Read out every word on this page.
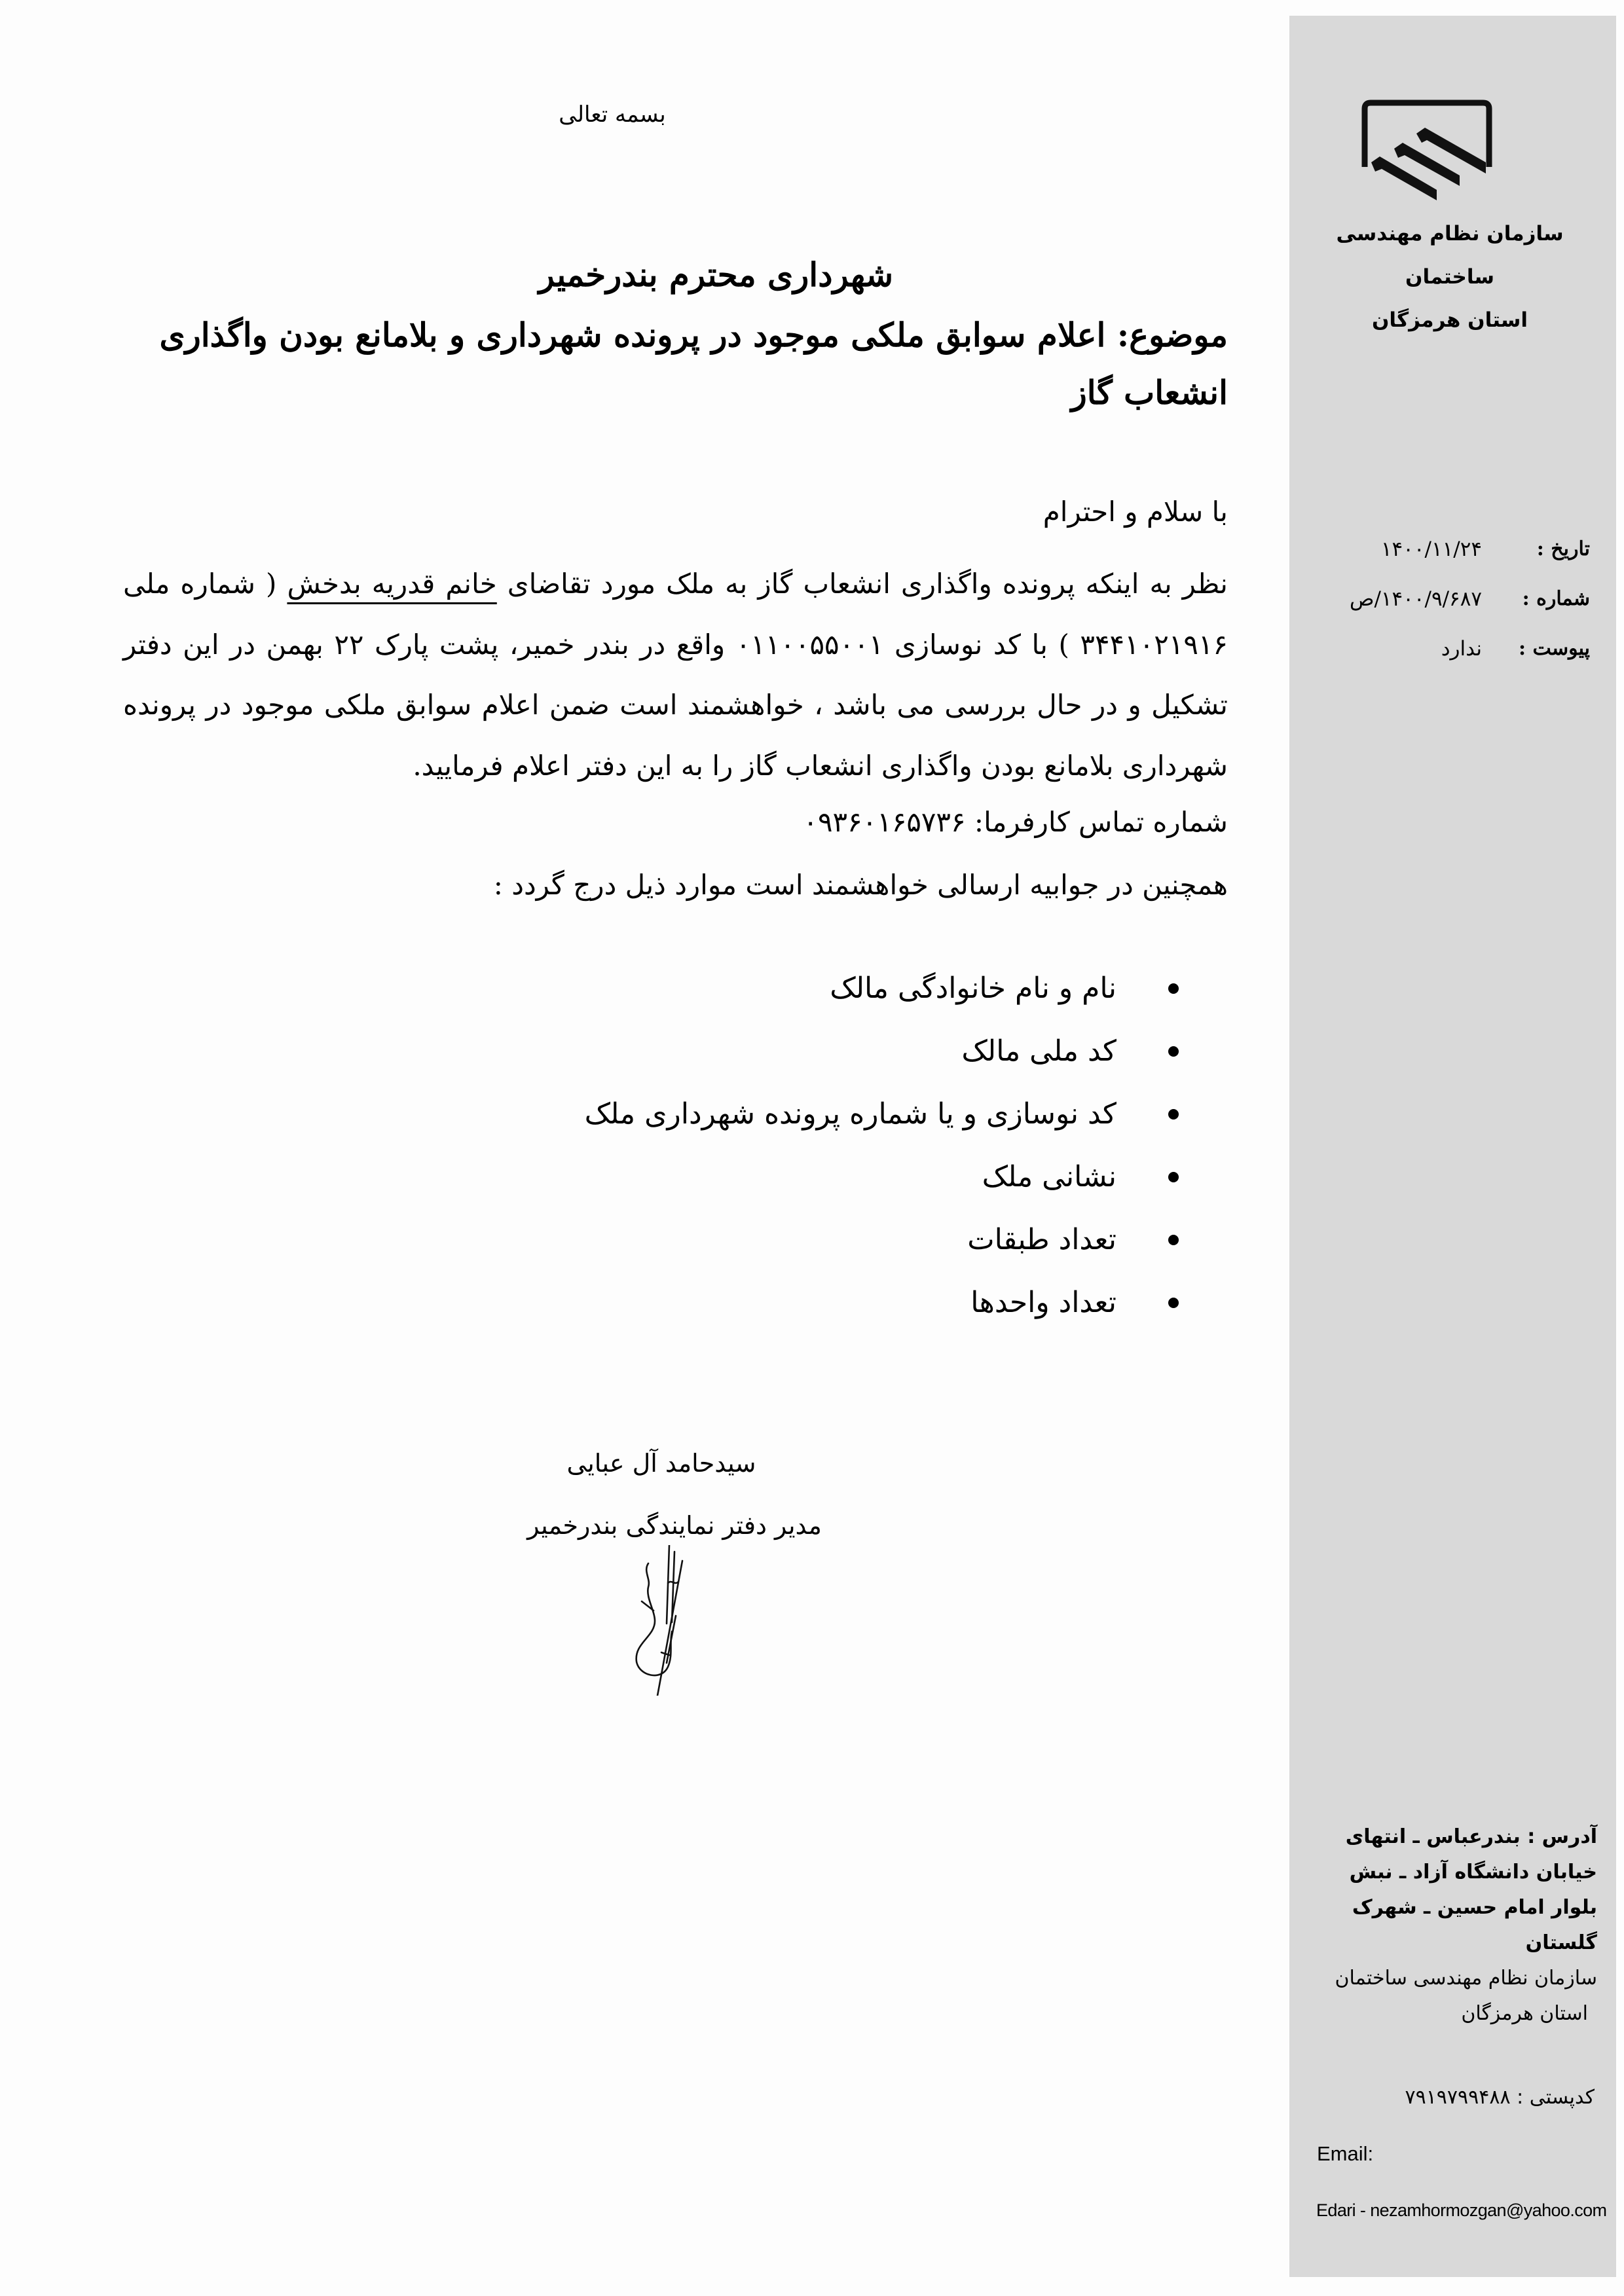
بسمه تعالی
شهرداری محترم بندرخمیر
موضوع: اعلام سوابق ملکی موجود در پرونده شهرداری و بلامانع بودن واگذاری انشعاب گاز
با سلام و احترام
نظر به اینکه پرونده واگذاری انشعاب گاز به ملک مورد تقاضای خانم قدریه بدخش ( شماره ملی ۳۴۴۱۰۲۱۹۱۶ ) با کد نوسازی ۰۱۱۰۰۵۵۰۰۱ واقع در بندر خمیر، پشت پارک ۲۲ بهمن در این دفتر تشکیل و در حال بررسی می باشد ، خواهشمند است ضمن اعلام سوابق ملکی موجود در پرونده شهرداری بلامانع بودن واگذاری انشعاب گاز را به این دفتر اعلام فرمایید.
شماره تماس کارفرما: ۰۹۳۶۰۱۶۵۷۳۶
همچنین در جوابیه ارسالی خواهشمند است موارد ذیل درج گردد :
نام و نام خانوادگی مالک
کد ملی مالک
کد نوسازی و یا شماره پرونده شهرداری ملک
نشانی ملک
تعداد طبقات
تعداد واحدها
سیدحامد آل عبایی
مدیر دفتر نمایندگی بندرخمیر
سازمان نظام مهندسی ساختمان
استان هرمزگان
تاریخ :
۱۴۰۰/۱۱/۲۴
شماره :
۱۴۰۰/۹/۶۸۷/ص
پیوست :
ندارد
آدرس : بندرعباس ـ انتهای
خیابان دانشگاه آزاد ـ نبش
بلوار امام حسین ـ شهرک
گلستان
سازمان نظام مهندسی ساختمان
استان هرمزگان
کدپستی : ۷۹۱۹۷۹۹۴۸۸
Email:
Edari - nezamhormozgan@yahoo.com
